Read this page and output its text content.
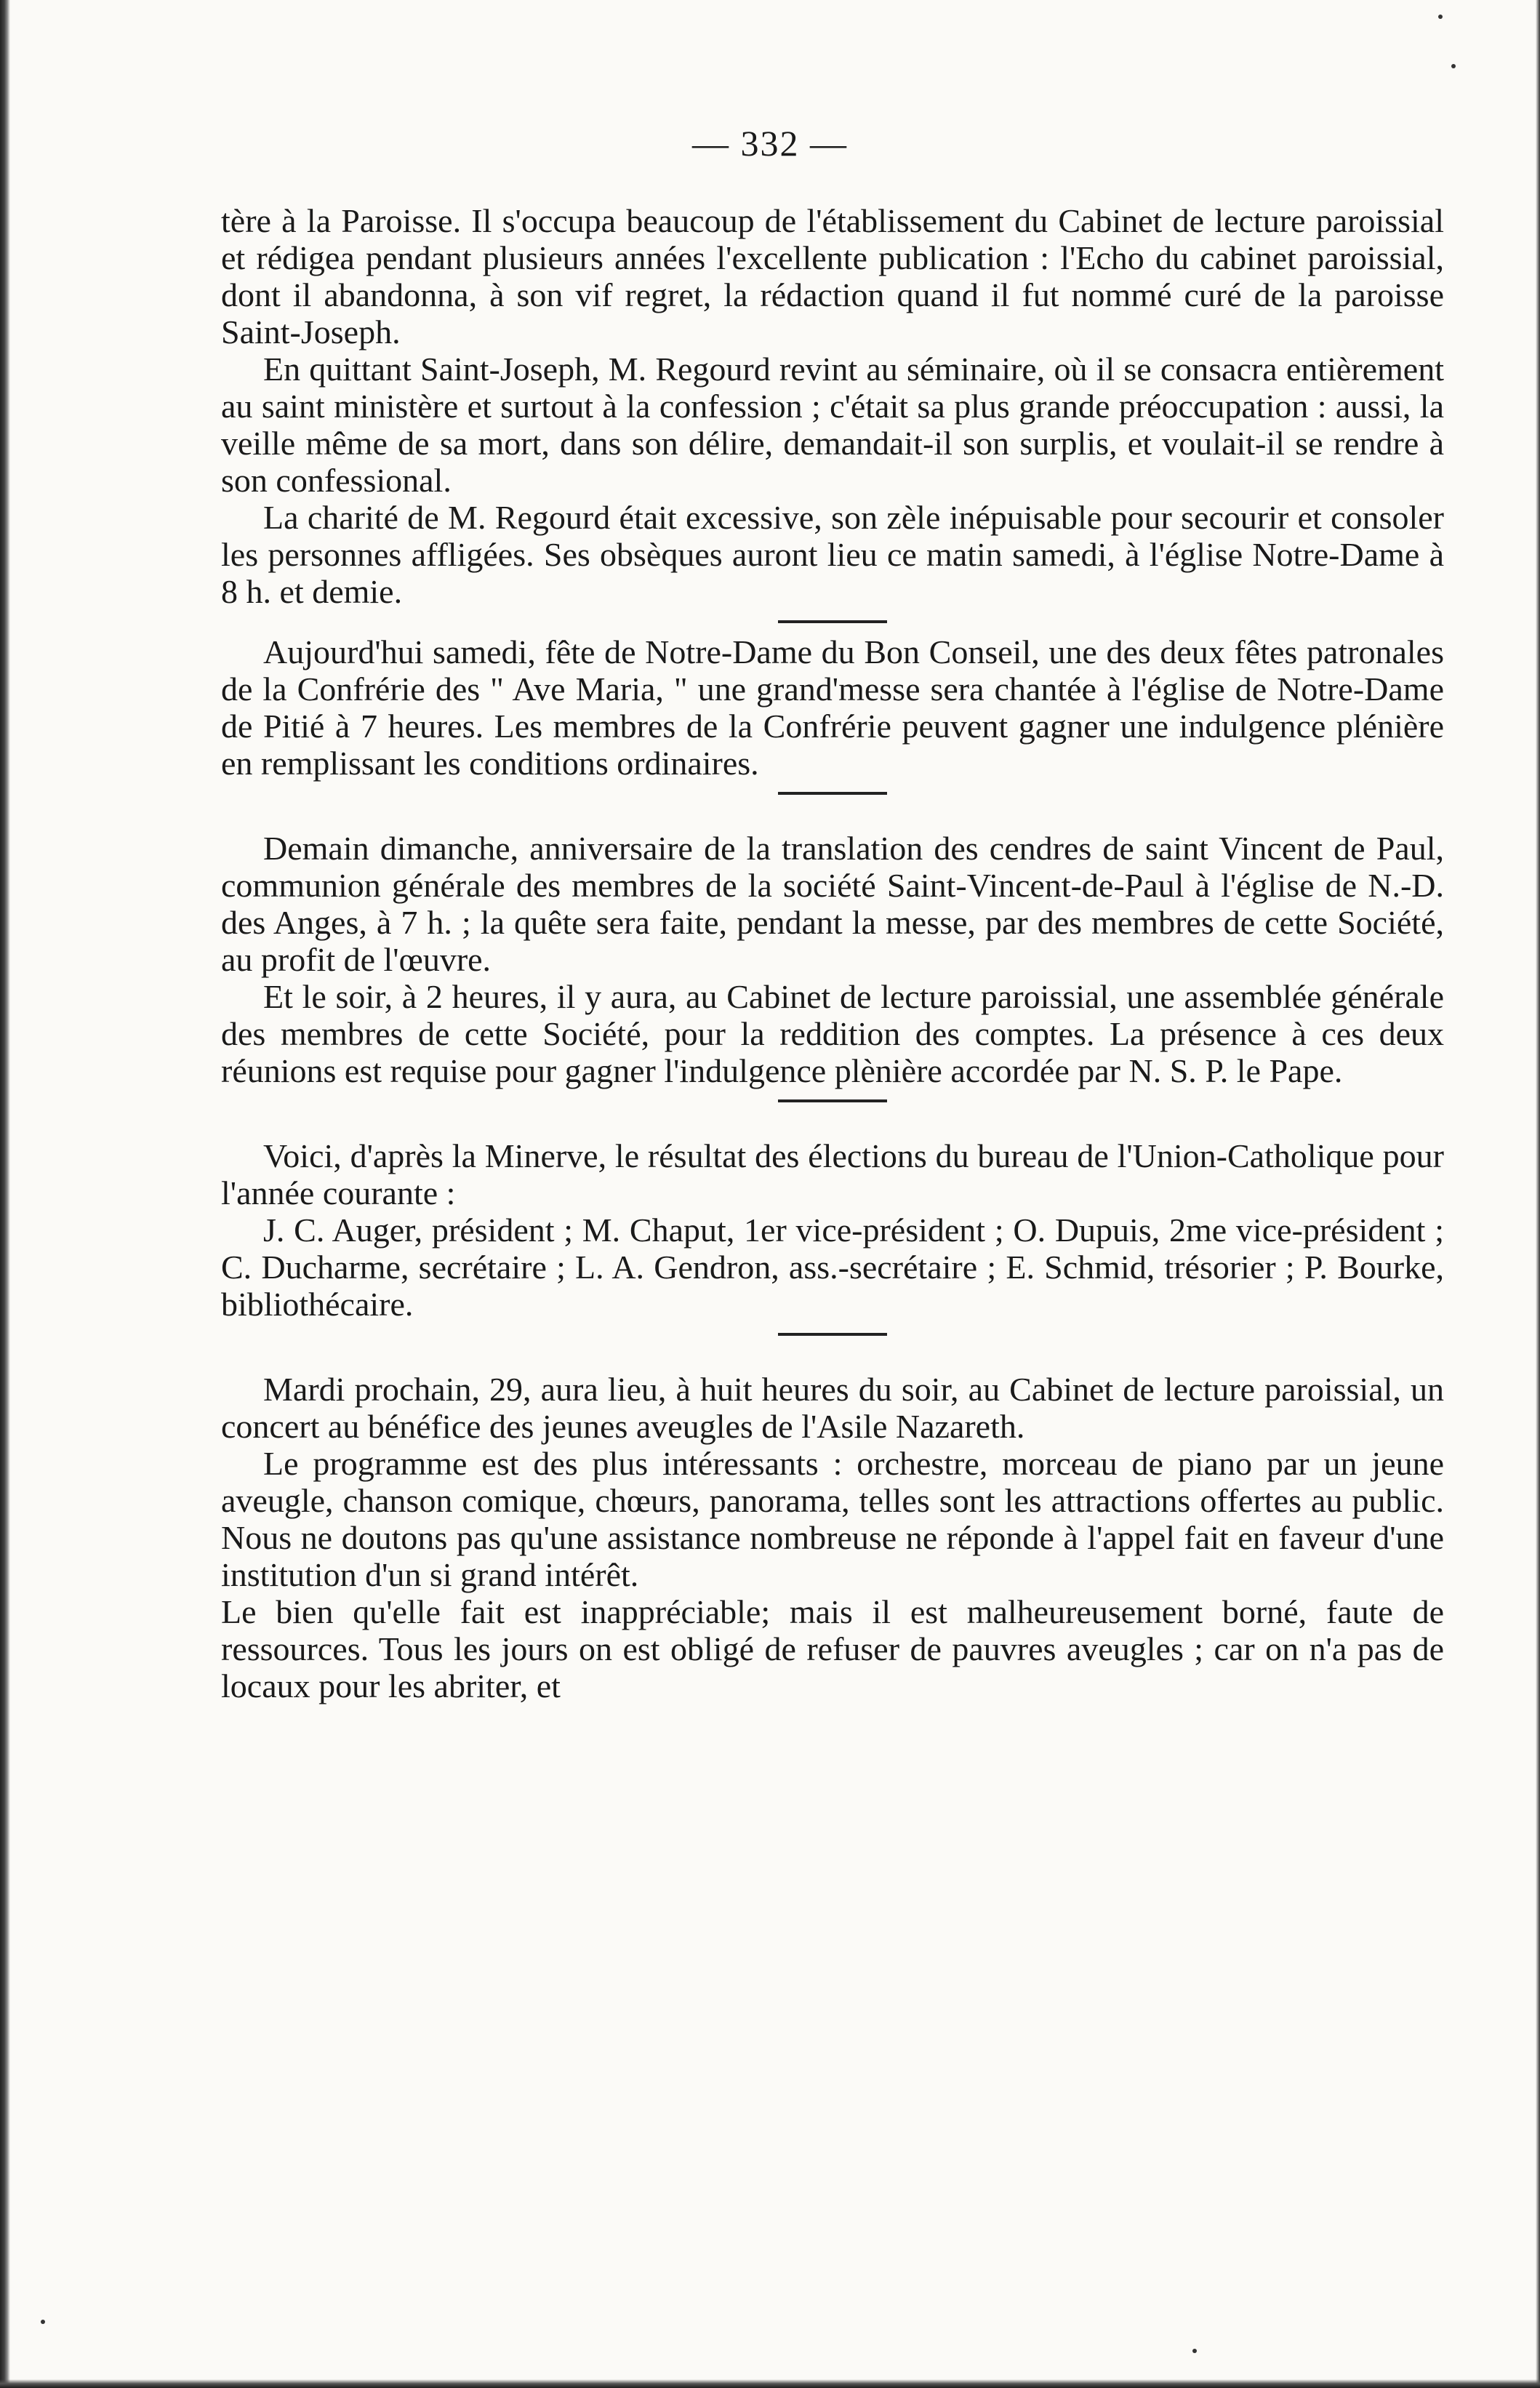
— 332 —

tère à la Paroisse. Il s'occupa beaucoup de l'établissement du Cabinet de lecture paroissial et rédigea pendant plusieurs années l'excellente publication : l'Echo du cabinet paroissial, dont il abandonna, à son vif regret, la rédaction quand il fut nommé curé de la paroisse Saint-Joseph.

En quittant Saint-Joseph, M. Regourd revint au séminaire, où il se consacra entièrement au saint ministère et surtout à la confession ; c'était sa plus grande préoccupation : aussi, la veille même de sa mort, dans son délire, demandait-il son surplis, et voulait-il se rendre à son confessional.

La charité de M. Regourd était excessive, son zèle inépuisable pour secourir et consoler les personnes affligées. Ses obsèques auront lieu ce matin samedi, à l'église Notre-Dame à 8 h. et demie.

Aujourd'hui samedi, fête de Notre-Dame du Bon Conseil, une des deux fêtes patronales de la Confrérie des " Ave Maria, " une grand'messe sera chantée à l'église de Notre-Dame de Pitié à 7 heures. Les membres de la Confrérie peuvent gagner une indulgence plénière en remplissant les conditions ordinaires.

Demain dimanche, anniversaire de la translation des cendres de saint Vincent de Paul, communion générale des membres de la société Saint-Vincent-de-Paul à l'église de N.-D. des Anges, à 7 h. ; la quête sera faite, pendant la messe, par des membres de cette Société, au profit de l'œuvre.

Et le soir, à 2 heures, il y aura, au Cabinet de lecture paroissial, une assemblée générale des membres de cette Société, pour la reddition des comptes. La présence à ces deux réunions est requise pour gagner l'indulgence plènière accordée par N. S. P. le Pape.

Voici, d'après la Minerve, le résultat des élections du bureau de l'Union-Catholique pour l'année courante :

J. C. Auger, président ; M. Chaput, 1er vice-président ; O. Dupuis, 2me vice-président ; C. Ducharme, secrétaire ; L. A. Gendron, ass.-secrétaire ; E. Schmid, trésorier ; P. Bourke, bibliothécaire.

Mardi prochain, 29, aura lieu, à huit heures du soir, au Cabinet de lecture paroissial, un concert au bénéfice des jeunes aveugles de l'Asile Nazareth.

Le programme est des plus intéressants : orchestre, morceau de piano par un jeune aveugle, chanson comique, chœurs, panorama, telles sont les attractions offertes au public. Nous ne doutons pas qu'une assistance nombreuse ne réponde à l'appel fait en faveur d'une institution d'un si grand intérêt.

Le bien qu'elle fait est inappréciable; mais il est malheureusement borné, faute de ressources. Tous les jours on est obligé de refuser de pauvres aveugles ; car on n'a pas de locaux pour les abriter, et
